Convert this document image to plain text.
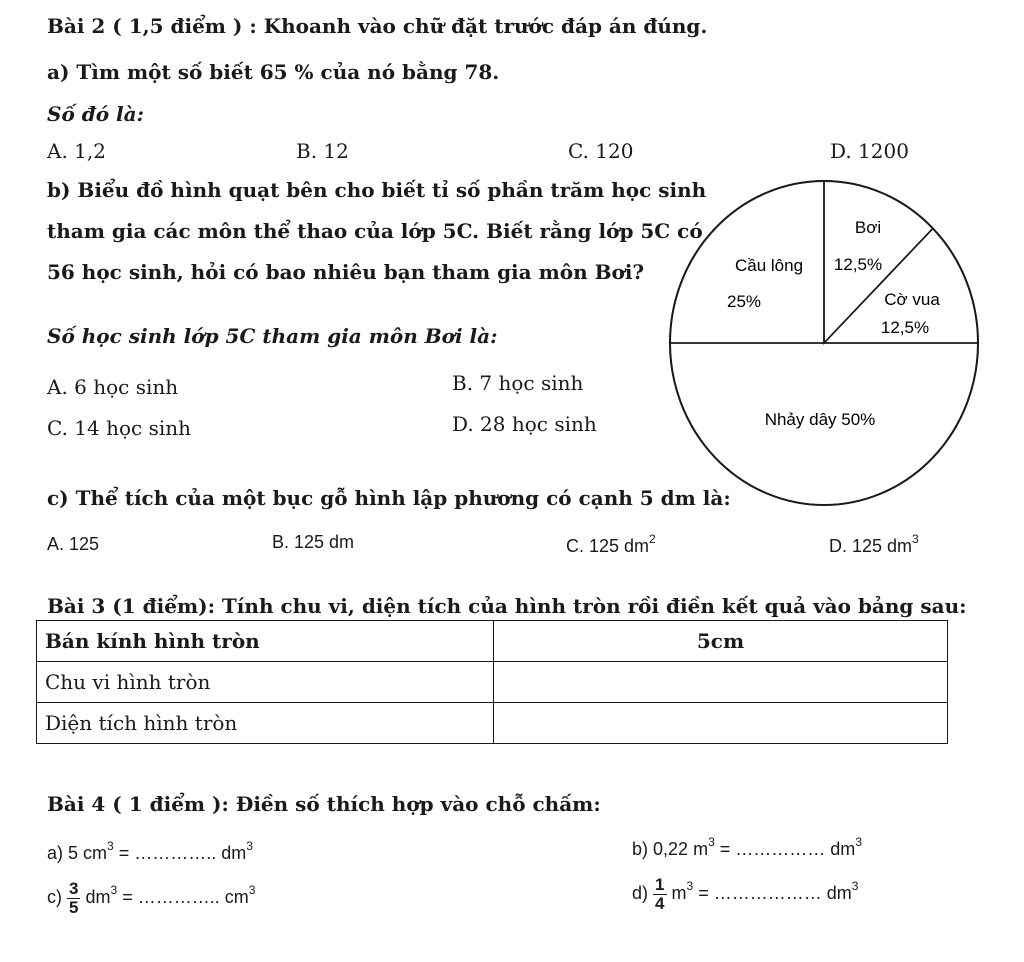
Bài 2 ( 1,5 điểm ) : Khoanh vào chữ đặt trước đáp án đúng.
a) Tìm một số biết 65 % của nó bằng 78.
Số đó là:
A. 1,2	B. 12	C. 120	D. 1200
b) Biểu đồ hình quạt bên cho biết tỉ số phần trăm học sinh
tham gia các môn thể thao của lớp 5C. Biết rằng lớp 5C có
56 học sinh, hỏi có bao nhiêu bạn tham gia môn Bơi?
Số học sinh lớp 5C tham gia môn Bơi là:
A. 6 học sinh	B. 7 học sinh
C. 14 học sinh	D. 28 học sinh
Bơi
12,5%
Cờ vua
12,5%
Cầu lông
25%
Nhảy dây 50%
c) Thể tích của một bục gỗ hình lập phương có cạnh 5 dm là:
A. 125	B. 125 dm	C. 125 $dm^2$	D. 125 $dm^3$
Bài 3 (1 điểm): Tính chu vi, diện tích của hình tròn rồi điền kết quả vào bảng sau:
Bán kính hình tròn	5cm
Chu vi hình tròn	
Diện tích hình tròn	
Bài 4 ( 1 điểm ): Điền số thích hợp vào chỗ chấm:
a) 5 $cm^3$ = ………….. $dm^3$	b) 0,22 $m^3$ = …………… $dm^3$
$c) \frac{3}{5} dm^3$ = ………….. $cm^3$	$d) \frac{1}{4} m^3$ = ……………… $dm^3$
